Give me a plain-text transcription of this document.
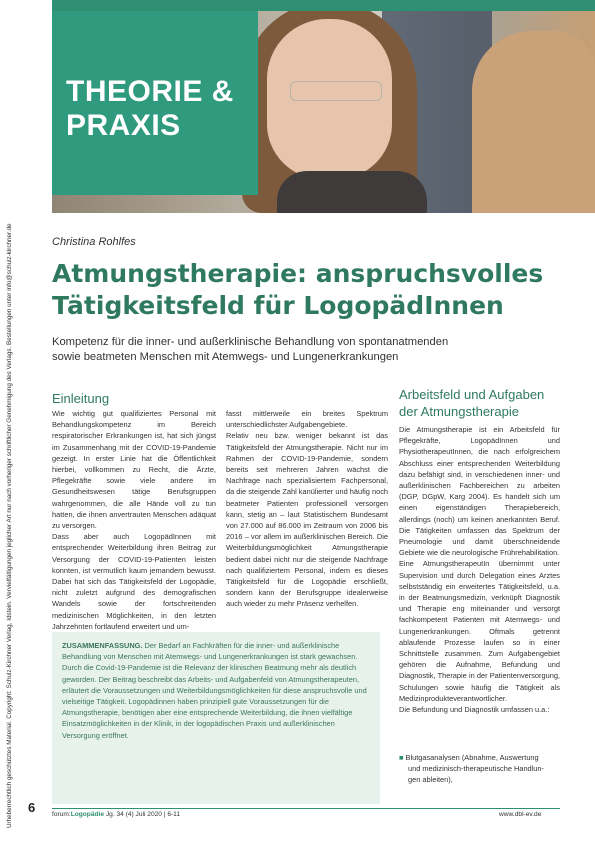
THEORIE &
PRAXIS
Urheberrechtlich geschütztes Material. Copyright: Schulz-Kirchner Verlag, Idstein. Vervielfältigungen jeglicher Art nur nach vorheriger schriftlicher Genehmigung des Verlags. Bestellungen unter info@schulz-kirchner.de	Christina Rohlfes
Atmungstherapie: anspruchsvolles
Tätigkeitsfeld für LogopädInnen
Kompetenz für die inner- und außerklinische Behandlung von spontanatmenden
sowie beatmeten Menschen mit Atemwegs- und Lungenerkrankungen
Einleitung

Wie wichtig gut qualifiziertes Personal mit Behandlungskompetenz im Bereich respiratorischer Erkrankungen ist, hat sich jüngst im Zusammenhang mit der COVID-19-Pandemie gezeigt. In erster Linie hat die Öffentlichkeit hierbei, vollkommen zu Recht, die Ärzte, Pflegekräfte sowie viele andere im Gesundheitswesen tätige Berufsgruppen wahrgenommen, die alle Hände voll zu tun hatten, die ihnen anvertrauten Menschen adäquat zu versorgen.

Dass aber auch LogopädInnen mit entsprechender Weiterbildung ihren Beitrag zur Versorgung der COVID-19-Patienten leisten konnten, ist vermutlich kaum jemandem bewusst. Dabei hat sich das Tätigkeitsfeld der Logopädie, nicht zuletzt aufgrund des demografischen Wandels sowie der fortschreitenden medizinischen Möglichkeiten, in den letzten Jahrzehnten fortlaufend erweitert und um-

fasst mittlerweile ein breites Spektrum unterschiedlichster Aufgabengebiete.

Relativ neu bzw. weniger bekannt ist das Tätigkeitsfeld der Atmungstherapie. Nicht nur im Rahmen der COVID-19-Pandemie, sondern bereits seit mehreren Jahren wächst die Nachfrage nach spezialisiertem Fachpersonal, da die steigende Zahl kanülierter und häufig noch beatmeter Patienten professionell versorgen kann, stetig an – laut Statistischem Bundesamt von 27.000 auf 86.000 im Zeitraum von 2006 bis 2016 – vor allem im außerklinischen Bereich. Die Weiterbildungsmöglichkeit Atmungstherapie bedient dabei nicht nur die steigende Nachfrage nach qualifiziertem Personal, indem es dieses Tätigkeitsfeld für die Logopädie erschließt, sondern kann der Berufsgruppe idealerweise auch wieder zu mehr Präsenz verhelfen.

ZUSAMMENFASSUNG. Der Bedarf an Fachkräften für die inner- und außerklinische Behandlung von Menschen mit Atemwegs- und Lungenerkrankungen ist stark gewachsen. Durch die Covid-19-Pandemie ist die Relevanz der klinischen Beatmung mehr als deutlich geworden. Der Beitrag beschreibt das Arbeits- und Aufgabenfeld von Atmungstherapeuten, erläutert die Voraussetzungen und Weiterbildungsmöglichkeiten für diese anspruchsvolle und vielseitige Tätigkeit. Logopädinnen haben prinzipiell gute Voraussetzungen für die Atmungstherapie, benötigen aber eine entsprechende Weiterbildung, die ihnen vielfältige Einsatzmöglichkeiten in der Klinik, in der logopädischen Praxis und außerklinischen Versorgung eröffnet.

Arbeitsfeld und Aufgaben
der Atmungstherapie

Die Atmungstherapie ist ein Arbeitsfeld für Pflegekräfte, LogopädInnen und PhysiotherapeutInnen, die nach erfolgreichem Abschluss einer entsprechenden Weiterbildung dazu befähigt sind, in verschiedenen inner- und außerklinischen Fachbereichen zu arbeiten (DGP, DGpW, Karg 2004). Es handelt sich um einen eigenständigen Therapiebereich, allerdings (noch) um keinen anerkannten Beruf. Die Tätigkeiten umfassen das Spektrum der Pneumologie und damit überschneidende Gebiete wie die neurologische Frührehabilitation.

Eine AtmungstherapeutIn übernimmt unter Supervision und durch Delegation eines Arztes selbstständig ein erweitertes Tätigkeitsfeld, u.a. in der Beatmungsmedizin, verknüpft Diagnostik und Therapie eng miteinander und versorgt fachkompetent Patienten mit Atemwegs- und Lungenerkrankungen. Oftmals getrennt ablaufende Prozesse laufen so in einer Schnittstelle zusammen. Zum Aufgabengebiet gehören die Aufnahme, Befundung und Diagnostik, Therapie in der Patientenversorgung, Schulungen sowie häufig die Tätigkeit als Medizinprodukteverantwortlicher.

Die Befundung und Diagnostik umfassen u.a.:

■ Blutgasanalysen (Abnahme, Auswertung
und medizinisch-therapeutische Handlun-
gen ableiten),
6	forum:Logopädie Jg. 34 (4) Juli 2020 | 6-11	www.dbl-ev.de
